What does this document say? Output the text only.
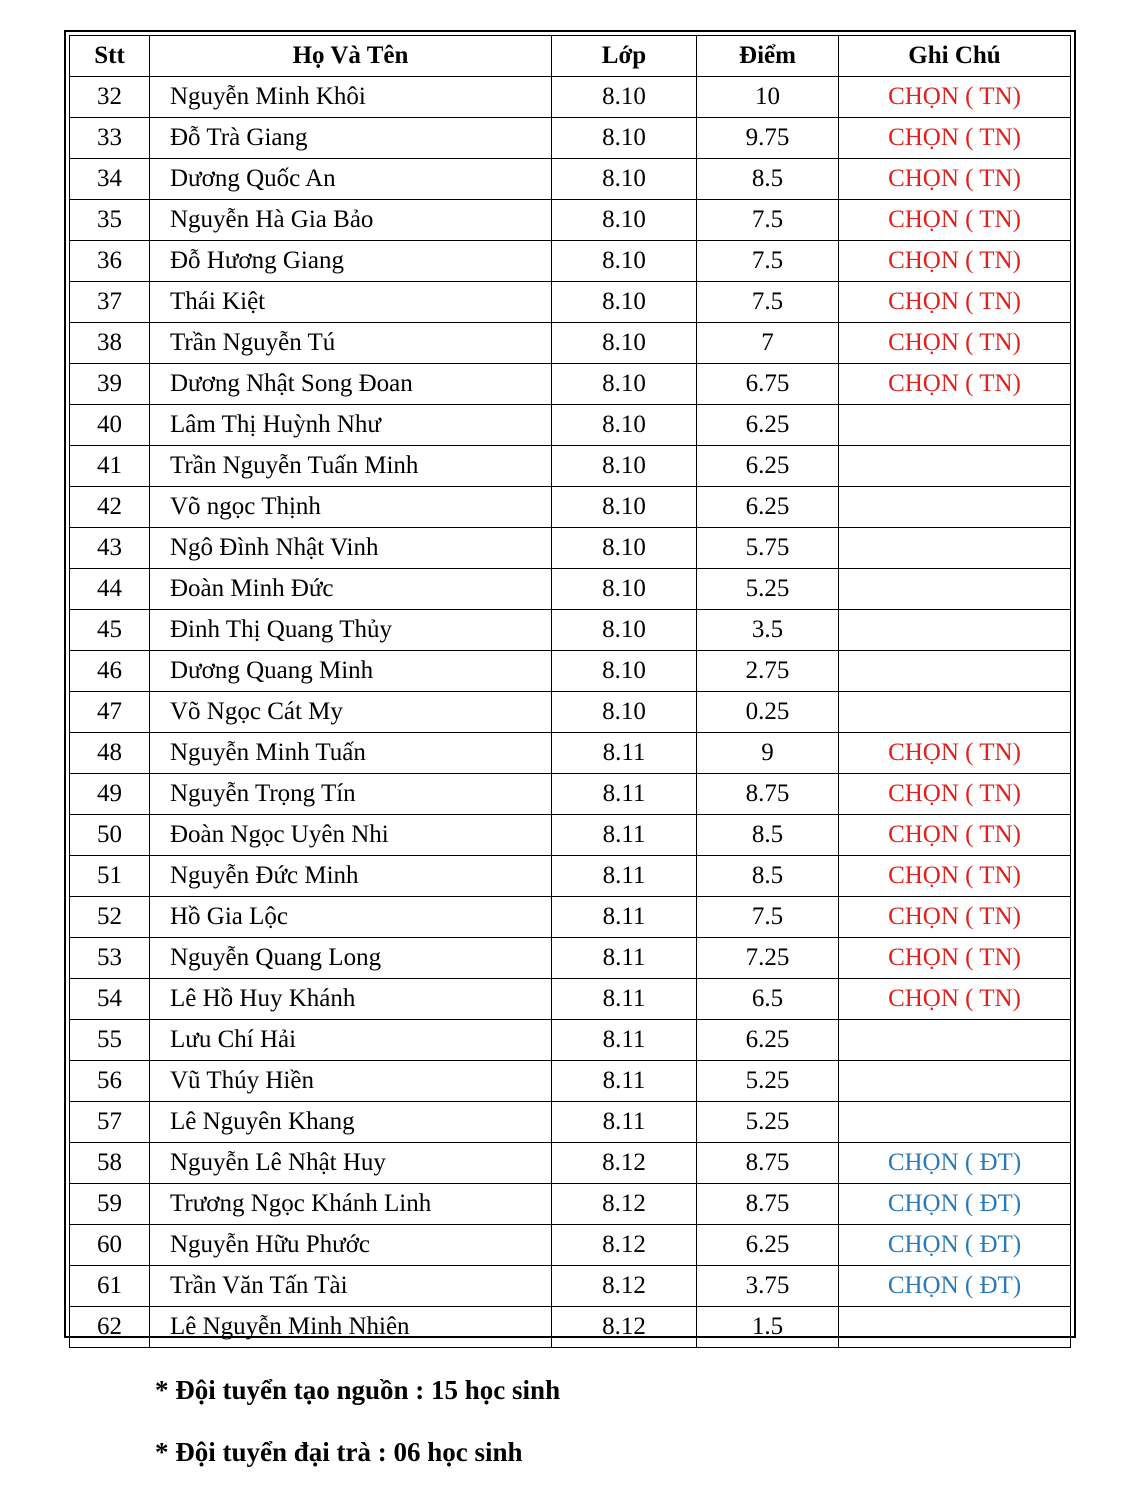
Stt	Họ Và Tên	Lớp	Điểm	Ghi Chú
32	Nguyễn Minh Khôi	8.10	10	CHỌN ( TN)
33	Đỗ Trà Giang	8.10	9.75	CHỌN ( TN)
34	Dương Quốc An	8.10	8.5	CHỌN ( TN)
35	Nguyễn Hà Gia Bảo	8.10	7.5	CHỌN ( TN)
36	Đỗ Hương Giang	8.10	7.5	CHỌN ( TN)
37	Thái Kiệt	8.10	7.5	CHỌN ( TN)
38	Trần Nguyễn Tú	8.10	7	CHỌN ( TN)
39	Dương Nhật Song Đoan	8.10	6.75	CHỌN ( TN)
40	Lâm Thị Huỳnh Như	8.10	6.25	
41	Trần Nguyễn Tuấn Minh	8.10	6.25	
42	Võ ngọc Thịnh	8.10	6.25	
43	Ngô Đình Nhật Vinh	8.10	5.75	
44	Đoàn Minh Đức	8.10	5.25	
45	Đinh Thị Quang Thủy	8.10	3.5	
46	Dương Quang Minh	8.10	2.75	
47	Võ Ngọc Cát My	8.10	0.25	
48	Nguyễn Minh Tuấn	8.11	9	CHỌN ( TN)
49	Nguyễn Trọng Tín	8.11	8.75	CHỌN ( TN)
50	Đoàn Ngọc Uyên Nhi	8.11	8.5	CHỌN ( TN)
51	Nguyễn Đức Minh	8.11	8.5	CHỌN ( TN)
52	Hồ Gia Lộc	8.11	7.5	CHỌN ( TN)
53	Nguyễn Quang Long	8.11	7.25	CHỌN ( TN)
54	Lê Hồ Huy Khánh	8.11	6.5	CHỌN ( TN)
55	Lưu Chí Hải	8.11	6.25	
56	Vũ Thúy Hiền	8.11	5.25	
57	Lê Nguyên Khang	8.11	5.25	
58	Nguyễn Lê Nhật Huy	8.12	8.75	CHỌN ( ĐT)
59	Trương Ngọc Khánh Linh	8.12	8.75	CHỌN ( ĐT)
60	Nguyễn Hữu Phước	8.12	6.25	CHỌN ( ĐT)
61	Trần Văn Tấn Tài	8.12	3.75	CHỌN ( ĐT)
62	Lê Nguyễn Minh Nhiên	8.12	1.5	
* Đội tuyển tạo nguồn : 15 học sinh
* Đội tuyển đại trà : 06 học sinh
